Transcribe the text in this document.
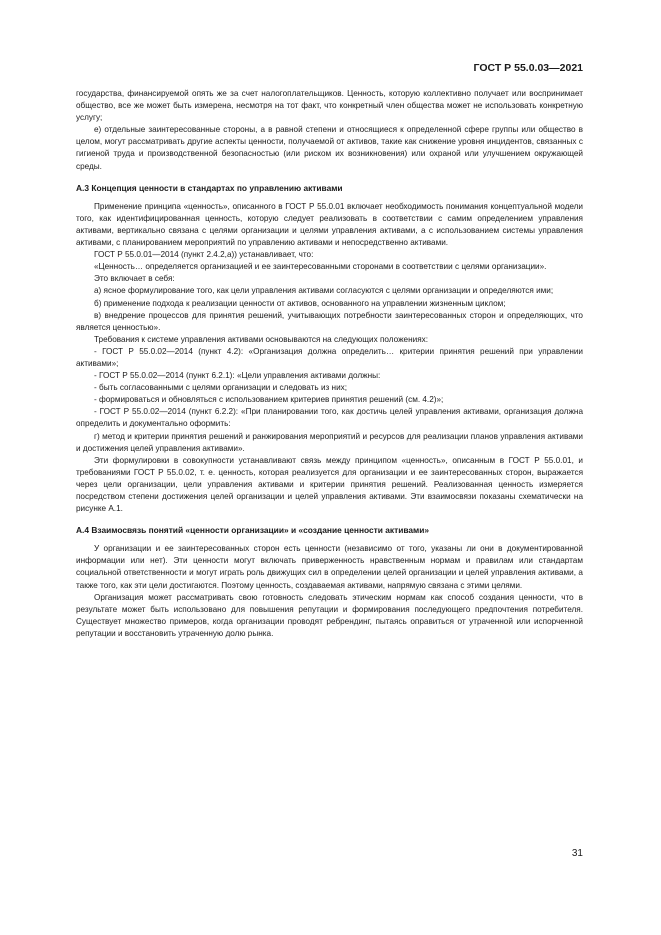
ГОСТ Р 55.0.03—2021

государства, финансируемой опять же за счет налогоплательщиков. Ценность, которую коллективно получает или воспринимает общество, все же может быть измерена, несмотря на тот факт, что конкретный член общества может не использовать конкретную услугу;

е) отдельные заинтересованные стороны, а в равной степени и относящиеся к определенной сфере группы или общество в целом, могут рассматривать другие аспекты ценности, получаемой от активов, такие как снижение уровня инцидентов, связанных с гигиеной труда и производственной безопасностью (или риском их возникновения) или охраной или улучшением окружающей среды.

А.3 Концепция ценности в стандартах по управлению активами

Применение принципа «ценность», описанного в ГОСТ Р 55.0.01 включает необходимость понимания концептуальной модели того, как идентифицированная ценность, которую следует реализовать в соответствии с самим определением управления активами, вертикально связана с целями организации и целями управления активами, а с использованием системы управления активами, с планированием мероприятий по управлению активами и непосредственно активами.

ГОСТ Р 55.0.01—2014 (пункт 2.4.2,а)) устанавливает, что:

«Ценность… определяется организацией и ее заинтересованными сторонами в соответствии с целями организации».

Это включает в себя:

а) ясное формулирование того, как цели управления активами согласуются с целями организации и определяются ими;

б) применение подхода к реализации ценности от активов, основанного на управлении жизненным циклом;

в) внедрение процессов для принятия решений, учитывающих потребности заинтересованных сторон и определяющих, что является ценностью».

Требования к системе управления активами основываются на следующих положениях:

- ГОСТ Р 55.0.02—2014 (пункт 4.2): «Организация должна определить… критерии принятия решений при управлении активами»;

- ГОСТ Р 55.0.02—2014 (пункт 6.2.1): «Цели управления активами должны:

- быть согласованными с целями организации и следовать из них;

- формироваться и обновляться с использованием критериев принятия решений (см. 4.2)»;

- ГОСТ Р 55.0.02—2014 (пункт 6.2.2): «При планировании того, как достичь целей управления активами, организация должна определить и документально оформить:

г) метод и критерии принятия решений и ранжирования мероприятий и ресурсов для реализации планов управления активами и достижения целей управления активами».

Эти формулировки в совокупности устанавливают связь между принципом «ценность», описанным в ГОСТ Р 55.0.01, и требованиями ГОСТ Р 55.0.02, т. е. ценность, которая реализуется для организации и ее заинтересованных сторон, выражается через цели организации, цели управления активами и критерии принятия решений. Реализованная ценность измеряется посредством степени достижения целей организации и целей управления активами. Эти взаимосвязи показаны схематически на рисунке А.1.

А.4 Взаимосвязь понятий «ценности организации» и «создание ценности активами»

У организации и ее заинтересованных сторон есть ценности (независимо от того, указаны ли они в документированной информации или нет). Эти ценности могут включать приверженность нравственным нормам и правилам или стандартам социальной ответственности и могут играть роль движущих сил в определении целей организации и целей управления активами, а также того, как эти цели достигаются. Поэтому ценность, создаваемая активами, напрямую связана с этими целями.

Организация может рассматривать свою готовность следовать этическим нормам как способ создания ценности, что в результате может быть использовано для повышения репутации и формирования последующего предпочтения потребителя. Существует множество примеров, когда организации проводят ребрендинг, пытаясь оправиться от утраченной или испорченной репутации и восстановить утраченную долю рынка.

31
